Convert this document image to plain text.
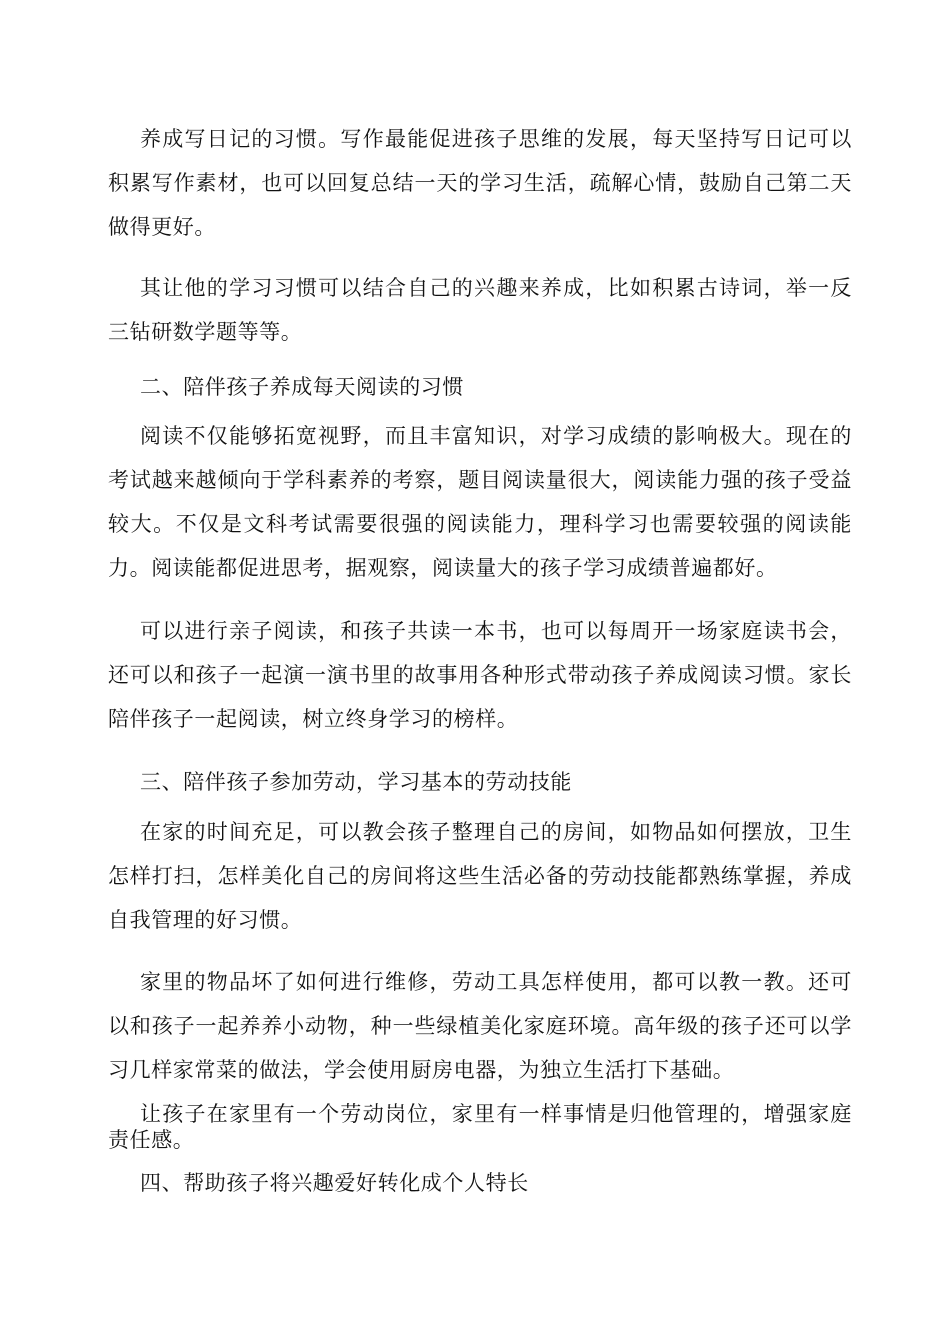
养成写日记的习惯。写作最能促进孩子思维的发展，每天坚持写日记可以积累写作素材，也可以回复总结一天的学习生活，疏解心情，鼓励自己第二天做得更好。

其让他的学习习惯可以结合自己的兴趣来养成，比如积累古诗词，举一反三钻研数学题等等。

二、陪伴孩子养成每天阅读的习惯

阅读不仅能够拓宽视野，而且丰富知识，对学习成绩的影响极大。现在的考试越来越倾向于学科素养的考察，题目阅读量很大，阅读能力强的孩子受益较大。不仅是文科考试需要很强的阅读能力，理科学习也需要较强的阅读能力。阅读能都促进思考，据观察，阅读量大的孩子学习成绩普遍都好。

可以进行亲子阅读，和孩子共读一本书，也可以每周开一场家庭读书会，还可以和孩子一起演一演书里的故事用各种形式带动孩子养成阅读习惯。家长陪伴孩子一起阅读，树立终身学习的榜样。

三、陪伴孩子参加劳动，学习基本的劳动技能

在家的时间充足，可以教会孩子整理自己的房间，如物品如何摆放，卫生怎样打扫，怎样美化自己的房间将这些生活必备的劳动技能都熟练掌握，养成自我管理的好习惯。

家里的物品坏了如何进行维修，劳动工具怎样使用，都可以教一教。还可以和孩子一起养养小动物，种一些绿植美化家庭环境。高年级的孩子还可以学习几样家常菜的做法，学会使用厨房电器，为独立生活打下基础。

让孩子在家里有一个劳动岗位，家里有一样事情是归他管理的，增强家庭责任感。

四、帮助孩子将兴趣爱好转化成个人特长
